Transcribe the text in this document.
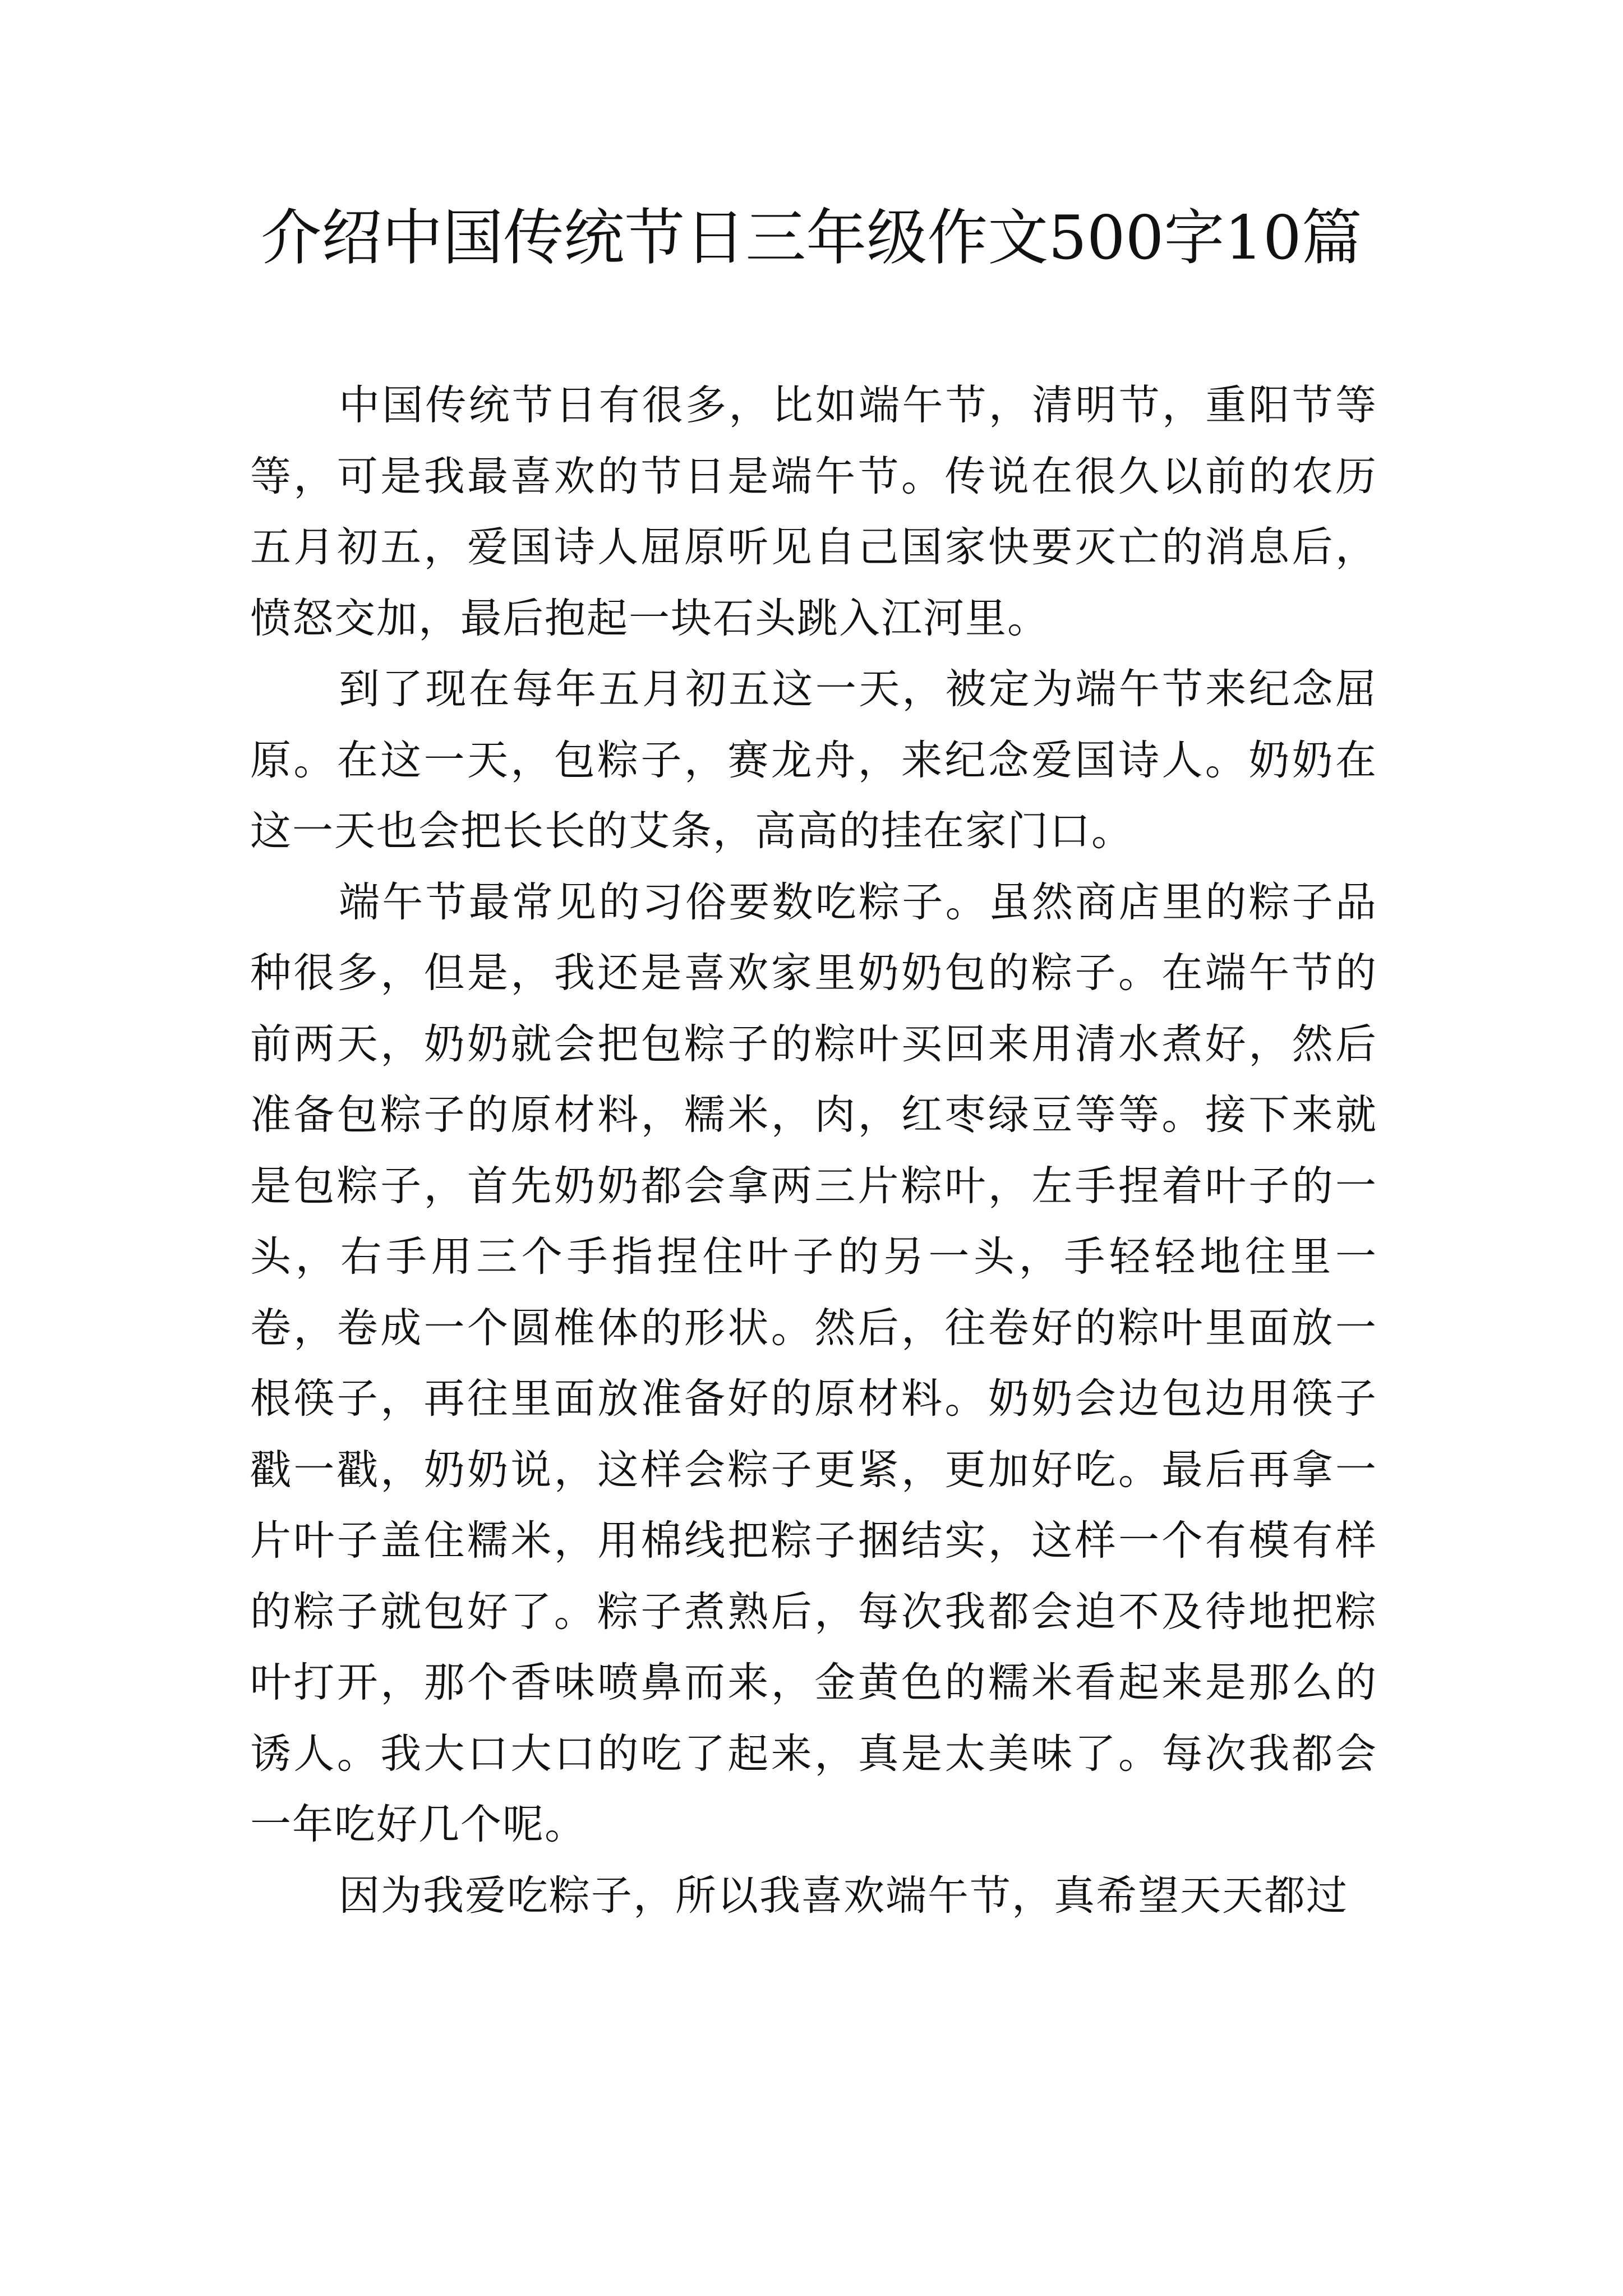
介绍中国传统节日三年级作文500字10篇

中国传统节日有很多，比如端午节，清明节，重阳节等等，可是我最喜欢的节日是端午节。传说在很久以前的农历五月初五，爱国诗人屈原听见自己国家快要灭亡的消息后，愤怒交加，最后抱起一块石头跳入江河里。

到了现在每年五月初五这一天，被定为端午节来纪念屈原。在这一天，包粽子，赛龙舟，来纪念爱国诗人。奶奶在这一天也会把长长的艾条，高高的挂在家门口。

端午节最常见的习俗要数吃粽子。虽然商店里的粽子品种很多，但是，我还是喜欢家里奶奶包的粽子。在端午节的前两天，奶奶就会把包粽子的粽叶买回来用清水煮好，然后准备包粽子的原材料，糯米，肉，红枣绿豆等等。接下来就是包粽子，首先奶奶都会拿两三片粽叶，左手捏着叶子的一头，右手用三个手指捏住叶子的另一头，手轻轻地往里一卷，卷成一个圆椎体的形状。然后，往卷好的粽叶里面放一根筷子，再往里面放准备好的原材料。奶奶会边包边用筷子戳一戳，奶奶说，这样会粽子更紧，更加好吃。最后再拿一片叶子盖住糯米，用棉线把粽子捆结实，这样一个有模有样的粽子就包好了。粽子煮熟后，每次我都会迫不及待地把粽叶打开，那个香味喷鼻而来，金黄色的糯米看起来是那么的诱人。我大口大口的吃了起来，真是太美味了。每次我都会一年吃好几个呢。

因为我爱吃粽子，所以我喜欢端午节，真希望天天都过
